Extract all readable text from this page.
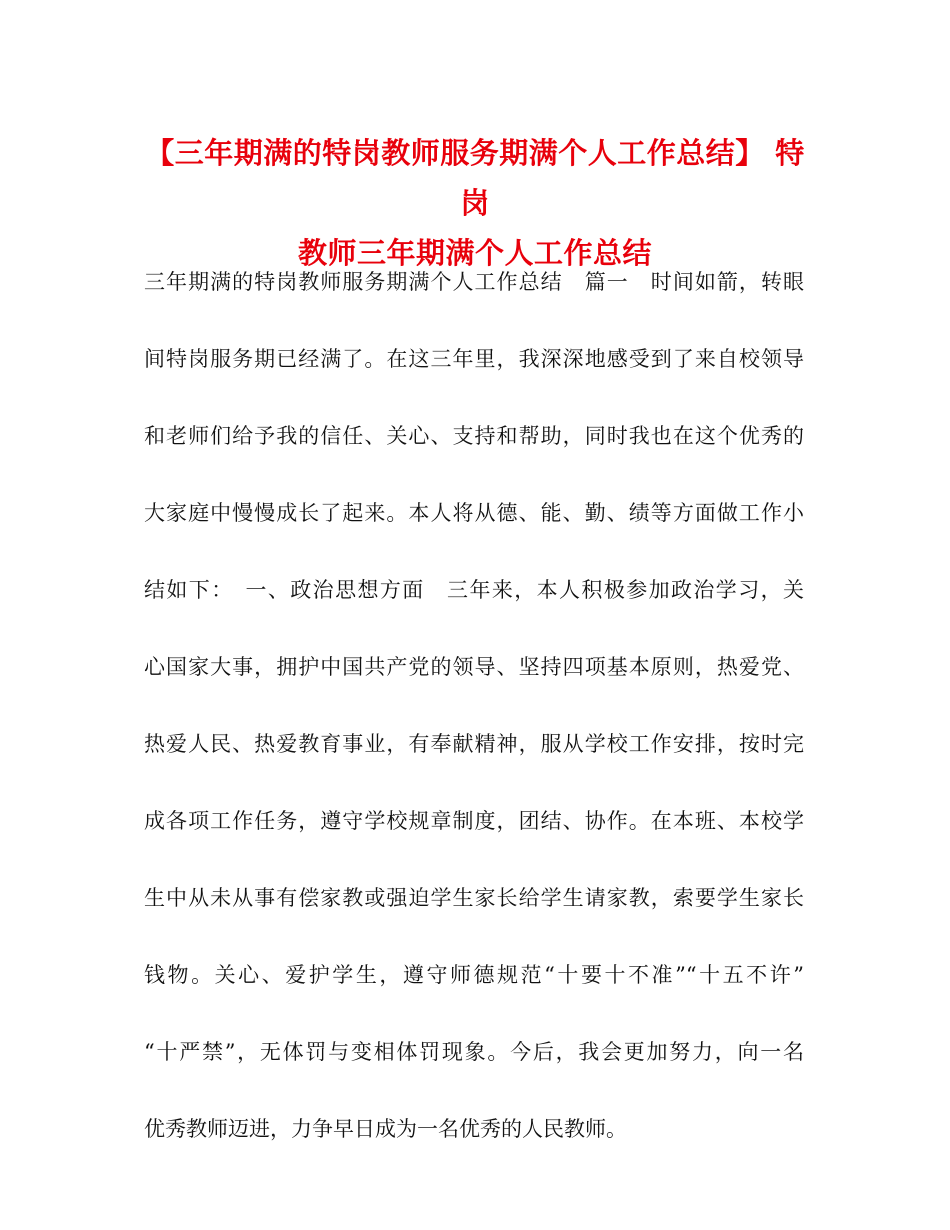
【三年期满的特岗教师服务期满个人工作总结】 特岗
教师三年期满个人工作总结
三年期满的特岗教师服务期满个人工作总结　篇一　时间如箭，转眼
间特岗服务期已经满了。在这三年里，我深深地感受到了来自校领导
和老师们给予我的信任、关心、支持和帮助，同时我也在这个优秀的
大家庭中慢慢成长了起来。本人将从德、能、勤、绩等方面做工作小
结如下：　一、政治思想方面　三年来，本人积极参加政治学习，关
心国家大事，拥护中国共产党的领导、坚持四项基本原则，热爱党、
热爱人民、热爱教育事业，有奉献精神，服从学校工作安排，按时完
成各项工作任务，遵守学校规章制度，团结、协作。在本班、本校学
生中从未从事有偿家教或强迫学生家长给学生请家教，索要学生家长
钱物。关心、爱护学生，遵守师德规范“十要十不准”“十五不许”
“十严禁”，无体罚与变相体罚现象。今后，我会更加努力，向一名
优秀教师迈进，力争早日成为一名优秀的人民教师。
